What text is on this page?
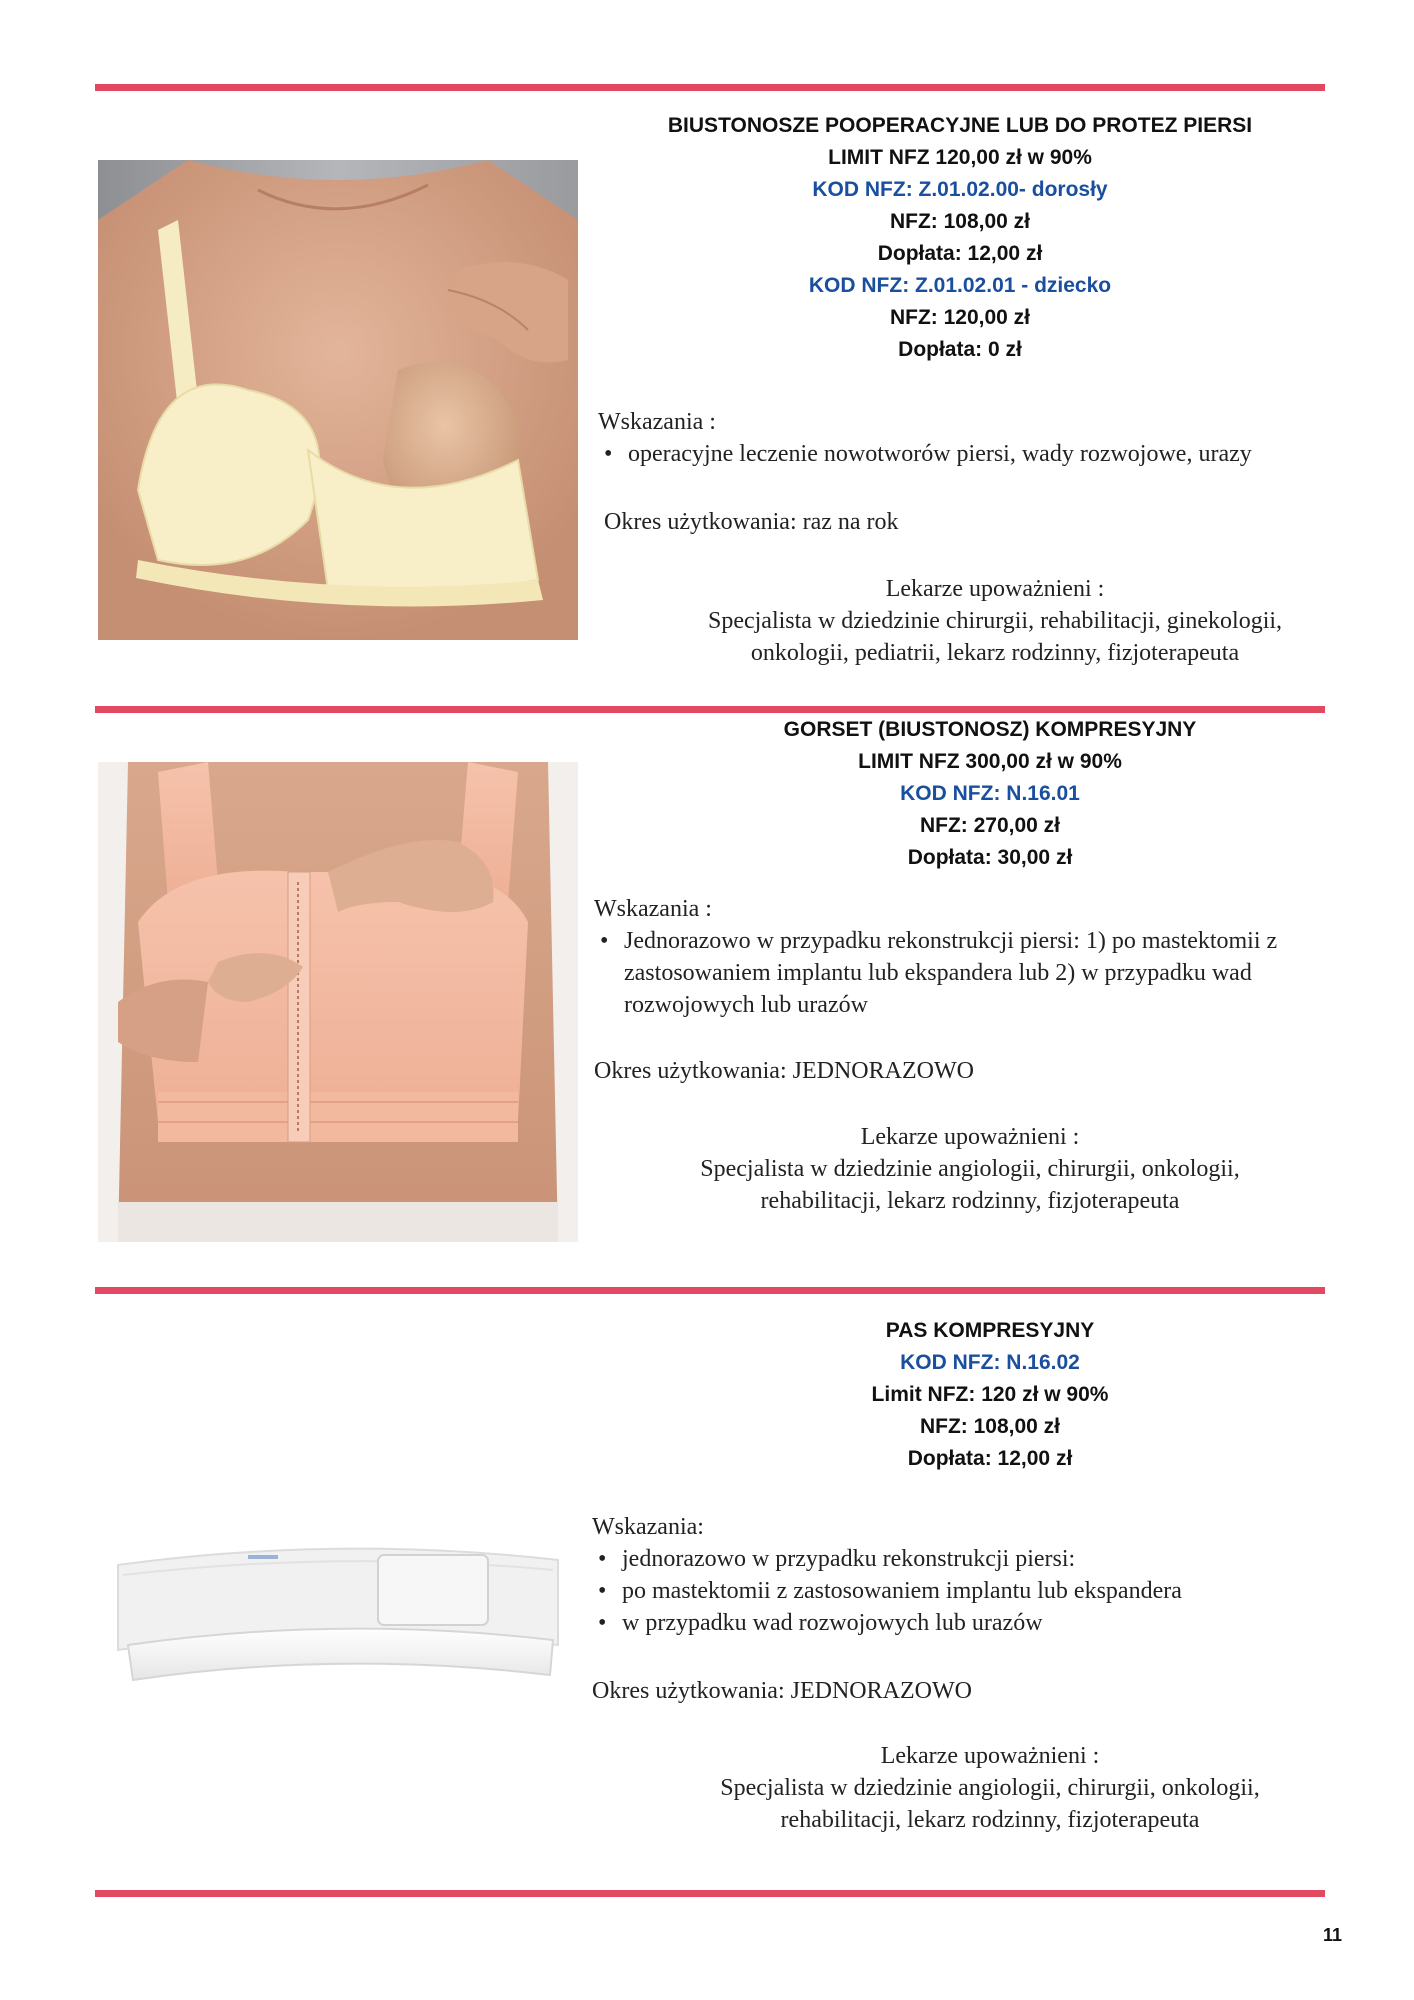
BIUSTONOSZE POOPERACYJNE LUB DO PROTEZ PIERSI
LIMIT NFZ 120,00 zł w 90%
KOD NFZ: Z.01.02.00- dorosły
NFZ: 108,00 zł
Dopłata: 12,00 zł
KOD NFZ: Z.01.02.01 - dziecko
NFZ: 120,00 zł
Dopłata: 0 zł

Wskazania :

• operacyjne leczenie nowotworów piersi, wady rozwojowe, urazy

Okres użytkowania: raz na rok

Lekarze upoważnieni :
Specjalista w dziedzinie chirurgii, rehabilitacji, ginekologii,
onkologii, pediatrii, lekarz rodzinny, fizjoterapeuta
GORSET (BIUSTONOSZ) KOMPRESYJNY
LIMIT NFZ 300,00 zł w 90%
KOD NFZ: N.16.01
NFZ: 270,00 zł
Dopłata: 30,00 zł

Wskazania :

• Jednorazowo w przypadku rekonstrukcji piersi: 1) po mastektomii z zastosowaniem implantu lub ekspandera lub 2) w przypadku wad rozwojowych lub urazów

Okres użytkowania: JEDNORAZOWO

Lekarze upoważnieni :
Specjalista w dziedzinie angiologii, chirurgii, onkologii,
rehabilitacji, lekarz rodzinny, fizjoterapeuta
PAS KOMPRESYJNY
KOD NFZ: N.16.02
Limit NFZ: 120 zł w 90%
NFZ: 108,00 zł
Dopłata: 12,00 zł

Wskazania:

• jednorazowo w przypadku rekonstrukcji piersi:
• po mastektomii z zastosowaniem implantu lub ekspandera
• w przypadku wad rozwojowych lub urazów

Okres użytkowania: JEDNORAZOWO

Lekarze upoważnieni :
Specjalista w dziedzinie angiologii, chirurgii, onkologii,
rehabilitacji, lekarz rodzinny, fizjoterapeuta
11
